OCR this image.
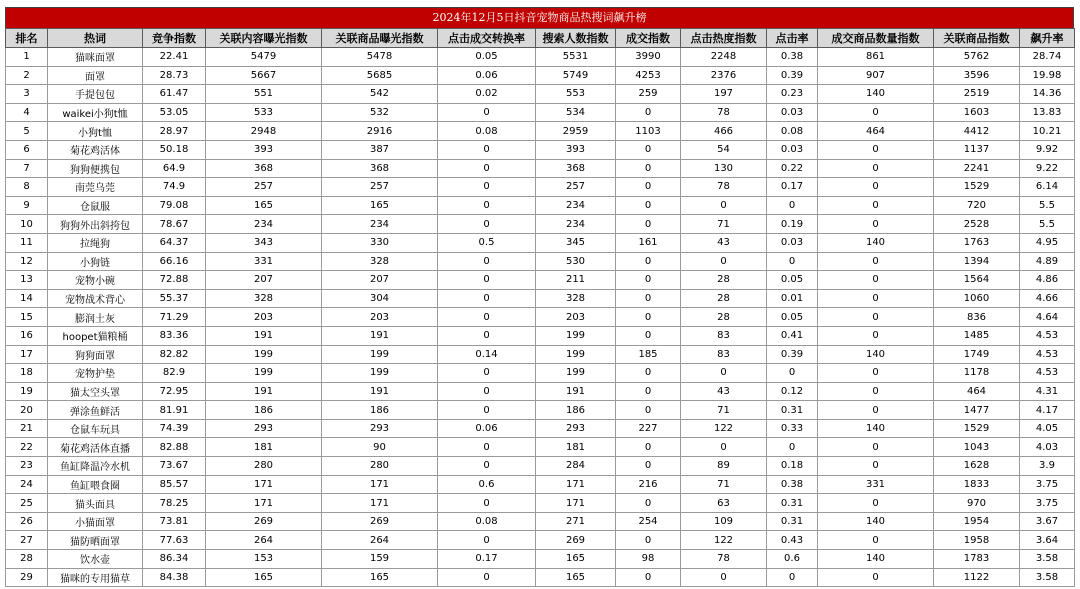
2024年12月5日抖音宠物商品热搜词飙升榜
排名	热词	竞争指数	关联内容曝光指数	关联商品曝光指数	点击成交转换率	搜索人数指数	成交指数	点击热度指数	点击率	成交商品数量指数	关联商品指数	飙升率
1	猫咪面罩	22.41	5479	5478	0.05	5531	3990	2248	0.38	861	5762	28.74
2	面罩	28.73	5667	5685	0.06	5749	4253	2376	0.39	907	3596	19.98
3	手提包包	61.47	551	542	0.02	553	259	197	0.23	140	2519	14.36
4	waikei小狗t恤	53.05	533	532	0	534	0	78	0.03	0	1603	13.83
5	小狗t恤	28.97	2948	2916	0.08	2959	1103	466	0.08	464	4412	10.21
6	菊花鸡活体	50.18	393	387	0	393	0	54	0.03	0	1137	9.92
7	狗狗便携包	64.9	368	368	0	368	0	130	0.22	0	2241	9.22
8	南莞乌莞	74.9	257	257	0	257	0	78	0.17	0	1529	6.14
9	仓鼠服	79.08	165	165	0	234	0	0	0	0	720	5.5
10	狗狗外出斜挎包	78.67	234	234	0	234	0	71	0.19	0	2528	5.5
11	拉绳狗	64.37	343	330	0.5	345	161	43	0.03	140	1763	4.95
12	小狗链	66.16	331	328	0	530	0	0	0	0	1394	4.89
13	宠物小碗	72.88	207	207	0	211	0	28	0.05	0	1564	4.86
14	宠物战术背心	55.37	328	304	0	328	0	28	0.01	0	1060	4.66
15	膨润土灰	71.29	203	203	0	203	0	28	0.05	0	836	4.64
16	hoopet猫粮桶	83.36	191	191	0	199	0	83	0.41	0	1485	4.53
17	狗狗面罩	82.82	199	199	0.14	199	185	83	0.39	140	1749	4.53
18	宠物护垫	82.9	199	199	0	199	0	0	0	0	1178	4.53
19	猫太空头罩	72.95	191	191	0	191	0	43	0.12	0	464	4.31
20	弹涂鱼鲜活	81.91	186	186	0	186	0	71	0.31	0	1477	4.17
21	仓鼠车玩具	74.39	293	293	0.06	293	227	122	0.33	140	1529	4.05
22	菊花鸡活体直播	82.88	181	90	0	181	0	0	0	0	1043	4.03
23	鱼缸降温冷水机	73.67	280	280	0	284	0	89	0.18	0	1628	3.9
24	鱼缸喂食圈	85.57	171	171	0.6	171	216	71	0.38	331	1833	3.75
25	猫头面具	78.25	171	171	0	171	0	63	0.31	0	970	3.75
26	小猫面罩	73.81	269	269	0.08	271	254	109	0.31	140	1954	3.67
27	猫防晒面罩	77.63	264	264	0	269	0	122	0.43	0	1958	3.64
28	饮水壶	86.34	153	159	0.17	165	98	78	0.6	140	1783	3.58
29	猫咪的专用猫草	84.38	165	165	0	165	0	0	0	0	1122	3.58
